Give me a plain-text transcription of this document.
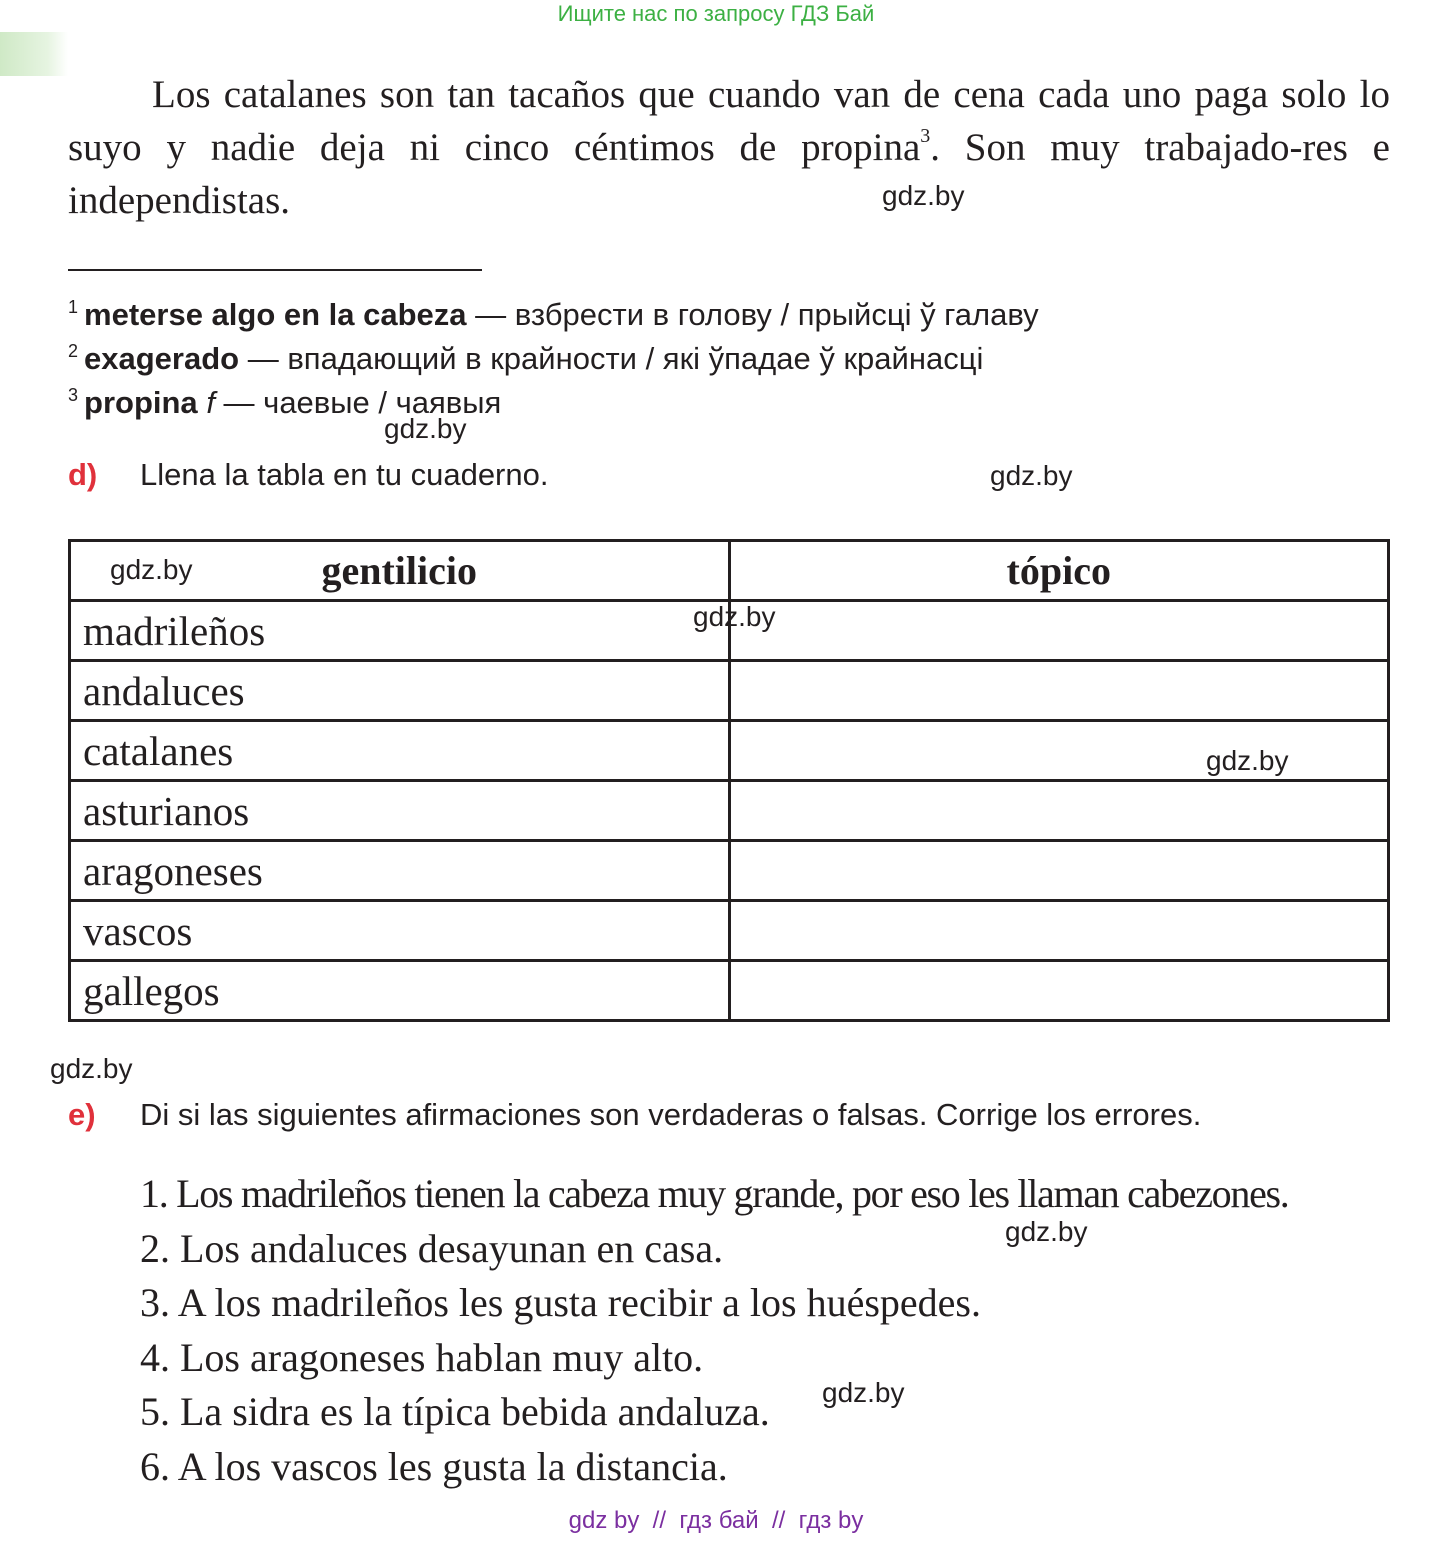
Ищите нас по запросу ГДЗ Бай
Los catalanes son tan tacaños que cuando van de cena cada uno paga solo lo suyo y nadie deja ni cinco céntimos de propina$^3$. Son muy trabajado-res e independistas.	gdz.by
$^1$ meterse algo en la cabeza — взбрести в голову / прыйсці ў галаву
$^2$ exagerado — впадающий в крайности / які ўпадае ў крайнасці
$^3$ propina f — чаевые / чаявыя
gdz.by
d) Llena la tabla en tu cuaderno.	gdz.by
gentilicio	tópico
madrileños	
andaluces	
catalanes	
asturianos	
aragoneses	
vascos	
gallegos	
gdz.by
gdz.by
gdz.by
gdz.by
e) Di si las siguientes afirmaciones son verdaderas o falsas. Corrige los errores.
1. Los madrileños tienen la cabeza muy grande, por eso les llaman cabezones.
2. Los andaluces desayunan en casa.
3. A los madrileños les gusta recibir a los huéspedes.
4. Los aragoneses hablan muy alto.
5. La sidra es la típica bebida andaluza.
6. A los vascos les gusta la distancia.
gdz.by
gdz.by
gdz by  //  гдз бай  //  гдз by
